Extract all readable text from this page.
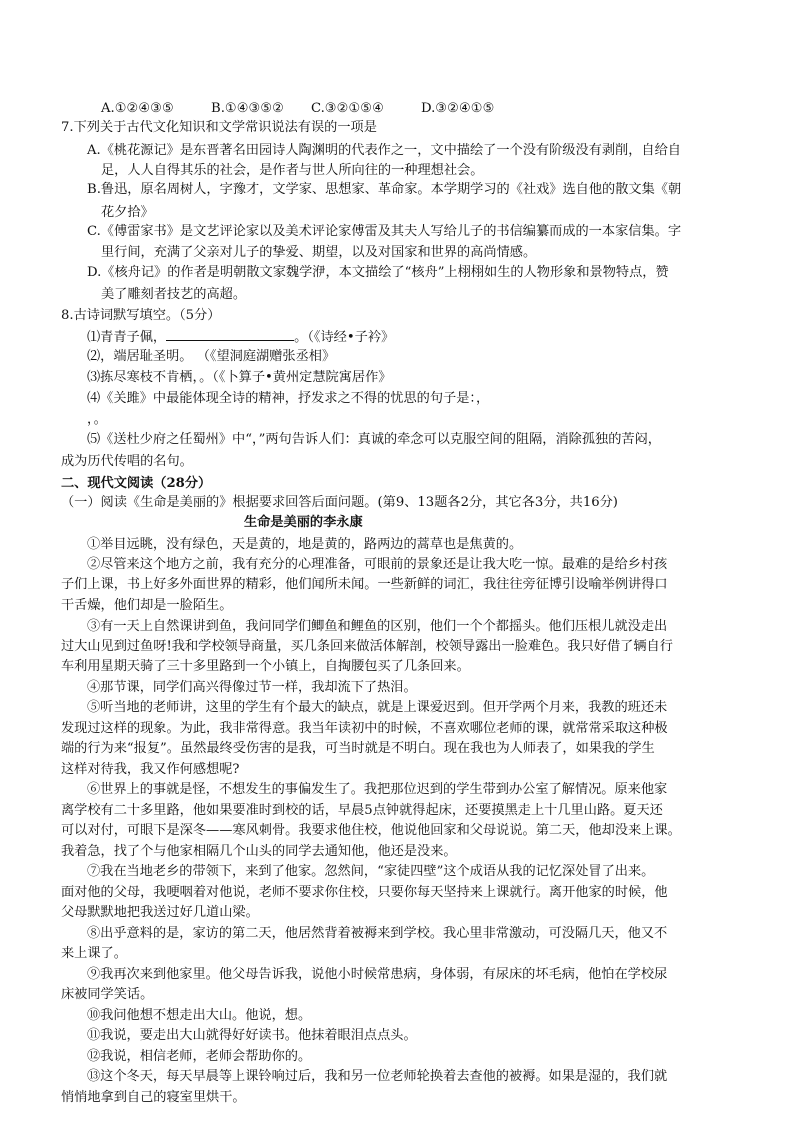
A.①②④③⑤	B.①④③⑤② C.③②①⑤④	D.③②④①⑤
7.下列关于古代文化知识和文学常识说法有误的一项是
A.《桃花源记》是东晋著名田园诗人陶渊明的代表作之一，文中描绘了一个没有阶级没有剥削，自给自
足，人人自得其乐的社会，是作者与世人所向往的一种理想社会。
B.鲁迅，原名周树人，字豫才，文学家、思想家、革命家。本学期学习的《社戏》选自他的散文集《朝
花夕拾》
C.《傅雷家书》是文艺评论家以及美术评论家傅雷及其夫人写给儿子的书信编纂而成的一本家信集。字
里行间，充满了父亲对儿子的挚爱、期望，以及对国家和世界的高尚情感。
D.《核舟记》的作者是明朝散文家魏学洢，本文描绘了“核舟”上栩栩如生的人物形象和景物特点，赞
美了雕刻者技艺的高超。
8.古诗词默写填空。（5分）
⑴青青子佩，	。（《诗经•子衿》
⑵，端居耻圣明。 （《望洞庭湖赠张丞相》
⑶拣尽寒枝不肯栖，。（《卜算子•黄州定慧院寓居作》
⑷《关雎》中最能体现全诗的精神，抒发求之不得的忧思的句子是：，
，。
⑸《送杜少府之任蜀州》中“，”两句告诉人们：真诚的牵念可以克服空间的阻隔，消除孤独的苦闷，
成为历代传唱的名句。
二、现代文阅读（28分）
（一）阅读《生命是美丽的》根据要求回答后面问题。(第9、13题各2分，其它各3分，共16分)
生命是美丽的李永康
①举目远眺，没有绿色，天是黄的，地是黄的，路两边的蒿草也是焦黄的。
②尽管来这个地方之前，我有充分的心理准备，可眼前的景象还是让我大吃一惊。最难的是给乡村孩
子们上课，书上好多外面世界的精彩，他们闻所未闻。一些新鲜的词汇，我往往旁征博引设喻举例讲得口
干舌燥，他们却是一脸陌生。
③有一天上自然课讲到鱼，我问同学们鲫鱼和鲤鱼的区别，他们一个个都摇头。他们压根儿就没走出
过大山见到过鱼呀!我和学校领导商量，买几条回来做活体解剖，校领导露出一脸难色。我只好借了辆自行
车利用星期天骑了三十多里路到一个小镇上，自掏腰包买了几条回来。
④那节课，同学们高兴得像过节一样，我却流下了热泪。
⑤听当地的老师讲，这里的学生有个最大的缺点，就是上课爱迟到。但开学两个月来，我教的班还未
发现过这样的现象。为此，我非常得意。我当年读初中的时候，不喜欢哪位老师的课，就常常采取这种极
端的行为来“报复”。虽然最终受伤害的是我，可当时就是不明白。现在我也为人师表了，如果我的学生
这样对待我，我又作何感想呢?
⑥世界上的事就是怪，不想发生的事偏发生了。我把那位迟到的学生带到办公室了解情况。原来他家
离学校有二十多里路，他如果要准时到校的话，早晨5点钟就得起床，还要摸黑走上十几里山路。夏天还
可以对付，可眼下是深冬——寒风刺骨。我要求他住校，他说他回家和父母说说。第二天，他却没来上课。
我着急，找了个与他家相隔几个山头的同学去通知他，他还是没来。
⑦我在当地老乡的带领下，来到了他家。忽然间，“家徒四壁”这个成语从我的记忆深处冒了出来。
面对他的父母，我哽咽着对他说，老师不要求你住校，只要你每天坚持来上课就行。离开他家的时候，他
父母默默地把我送过好几道山梁。
⑧出乎意料的是，家访的第二天，他居然背着被褥来到学校。我心里非常激动，可没隔几天，他又不
来上课了。
⑨我再次来到他家里。他父母告诉我，说他小时候常患病，身体弱，有尿床的坏毛病，他怕在学校尿
床被同学笑话。
⑩我问他想不想走出大山。他说，想。
⑪我说，要走出大山就得好好读书。他抹着眼泪点点头。
⑫我说，相信老师，老师会帮助你的。
⑬这个冬天，每天早晨等上课铃响过后，我和另一位老师轮换着去查他的被褥。如果是湿的，我们就
悄悄地拿到自己的寝室里烘干。
